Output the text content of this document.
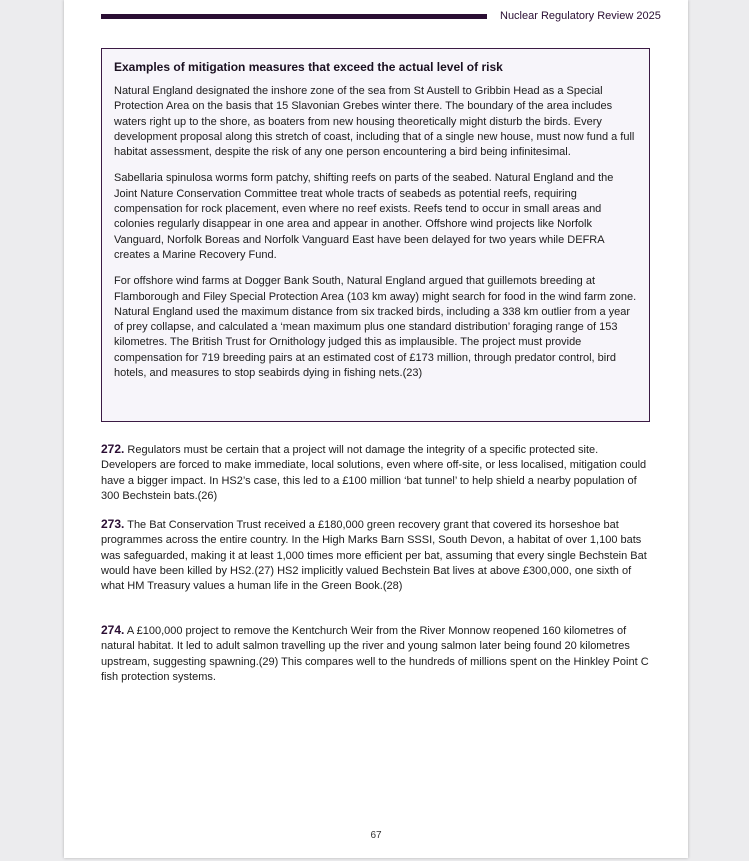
Nuclear Regulatory Review 2025
Examples of mitigation measures that exceed the actual level of risk

Natural England designated the inshore zone of the sea from St Austell to Gribbin Head as a Special Protection Area on the basis that 15 Slavonian Grebes winter there. The boundary of the area includes waters right up to the shore, as boaters from new housing theoretically might disturb the birds. Every development proposal along this stretch of coast, including that of a single new house, must now fund a full habitat assessment, despite the risk of any one person encountering a bird being infinitesimal.

Sabellaria spinulosa worms form patchy, shifting reefs on parts of the seabed. Natural England and the Joint Nature Conservation Committee treat whole tracts of seabeds as potential reefs, requiring compensation for rock placement, even where no reef exists. Reefs tend to occur in small areas and colonies regularly disappear in one area and appear in another. Offshore wind projects like Norfolk Vanguard, Norfolk Boreas and Norfolk Vanguard East have been delayed for two years while DEFRA creates a Marine Recovery Fund.

For offshore wind farms at Dogger Bank South, Natural England argued that guillemots breeding at Flamborough and Filey Special Protection Area (103 km away) might search for food in the wind farm zone. Natural England used the maximum distance from six tracked birds, including a 338 km outlier from a year of prey collapse, and calculated a ‘mean maximum plus one standard distribution’ foraging range of 153 kilometres. The British Trust for Ornithology judged this as implausible. The project must provide compensation for 719 breeding pairs at an estimated cost of £173 million, through predator control, bird hotels, and measures to stop seabirds dying in fishing nets.(23)

272. Regulators must be certain that a project will not damage the integrity of a specific protected site. Developers are forced to make immediate, local solutions, even where off-site, or less localised, mitigation could have a bigger impact. In HS2’s case, this led to a £100 million ‘bat tunnel’ to help shield a nearby population of 300 Bechstein bats.(26)

273. The Bat Conservation Trust received a £180,000 green recovery grant that covered its horseshoe bat programmes across the entire country. In the High Marks Barn SSSI, South Devon, a habitat of over 1,100 bats was safeguarded, making it at least 1,000 times more efficient per bat, assuming that every single Bechstein Bat would have been killed by HS2.(27) HS2 implicitly valued Bechstein Bat lives at above £300,000, one sixth of what HM Treasury values a human life in the Green Book.(28)

274. A £100,000 project to remove the Kentchurch Weir from the River Monnow reopened 160 kilometres of natural habitat. It led to adult salmon travelling up the river and young salmon later being found 20 kilometres upstream, suggesting spawning.(29) This compares well to the hundreds of millions spent on the Hinkley Point C fish protection systems.

67
